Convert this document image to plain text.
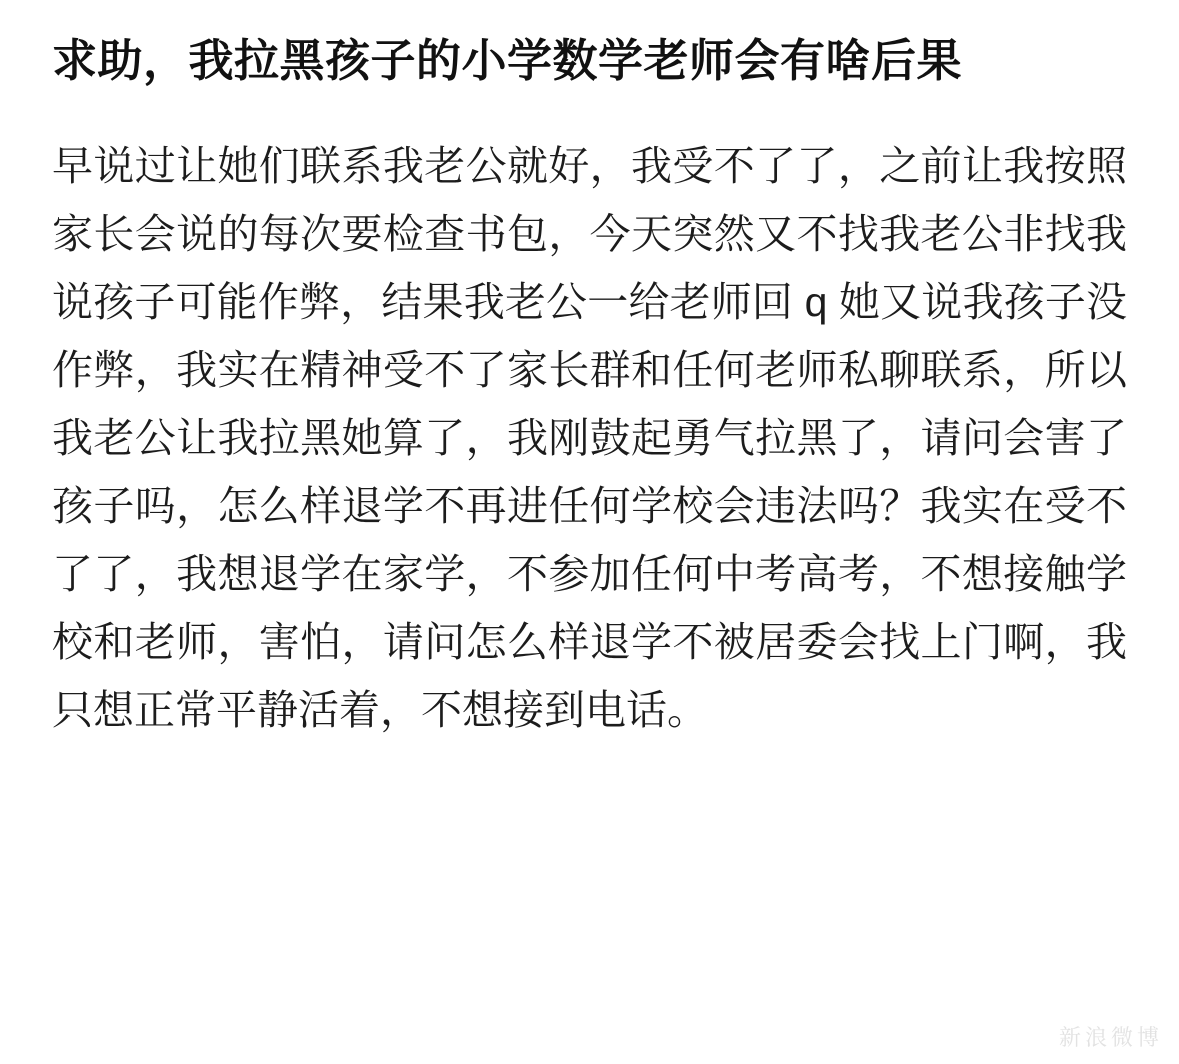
求助，我拉黑孩子的小学数学老师会有啥后果

早说过让她们联系我老公就好，我受不了了，之前让我按照家长会说的每次要检查书包，今天突然又不找我老公非找我说孩子可能作弊，结果我老公一给老师回 q 她又说我孩子没作弊，我实在精神受不了家长群和任何老师私聊联系，所以我老公让我拉黑她算了，我刚鼓起勇气拉黑了，请问会害了孩子吗，怎么样退学不再进任何学校会违法吗？我实在受不了了，我想退学在家学，不参加任何中考高考，不想接触学校和老师，害怕，请问怎么样退学不被居委会找上门啊，我只想正常平静活着，不想接到电话。

新浪微博
